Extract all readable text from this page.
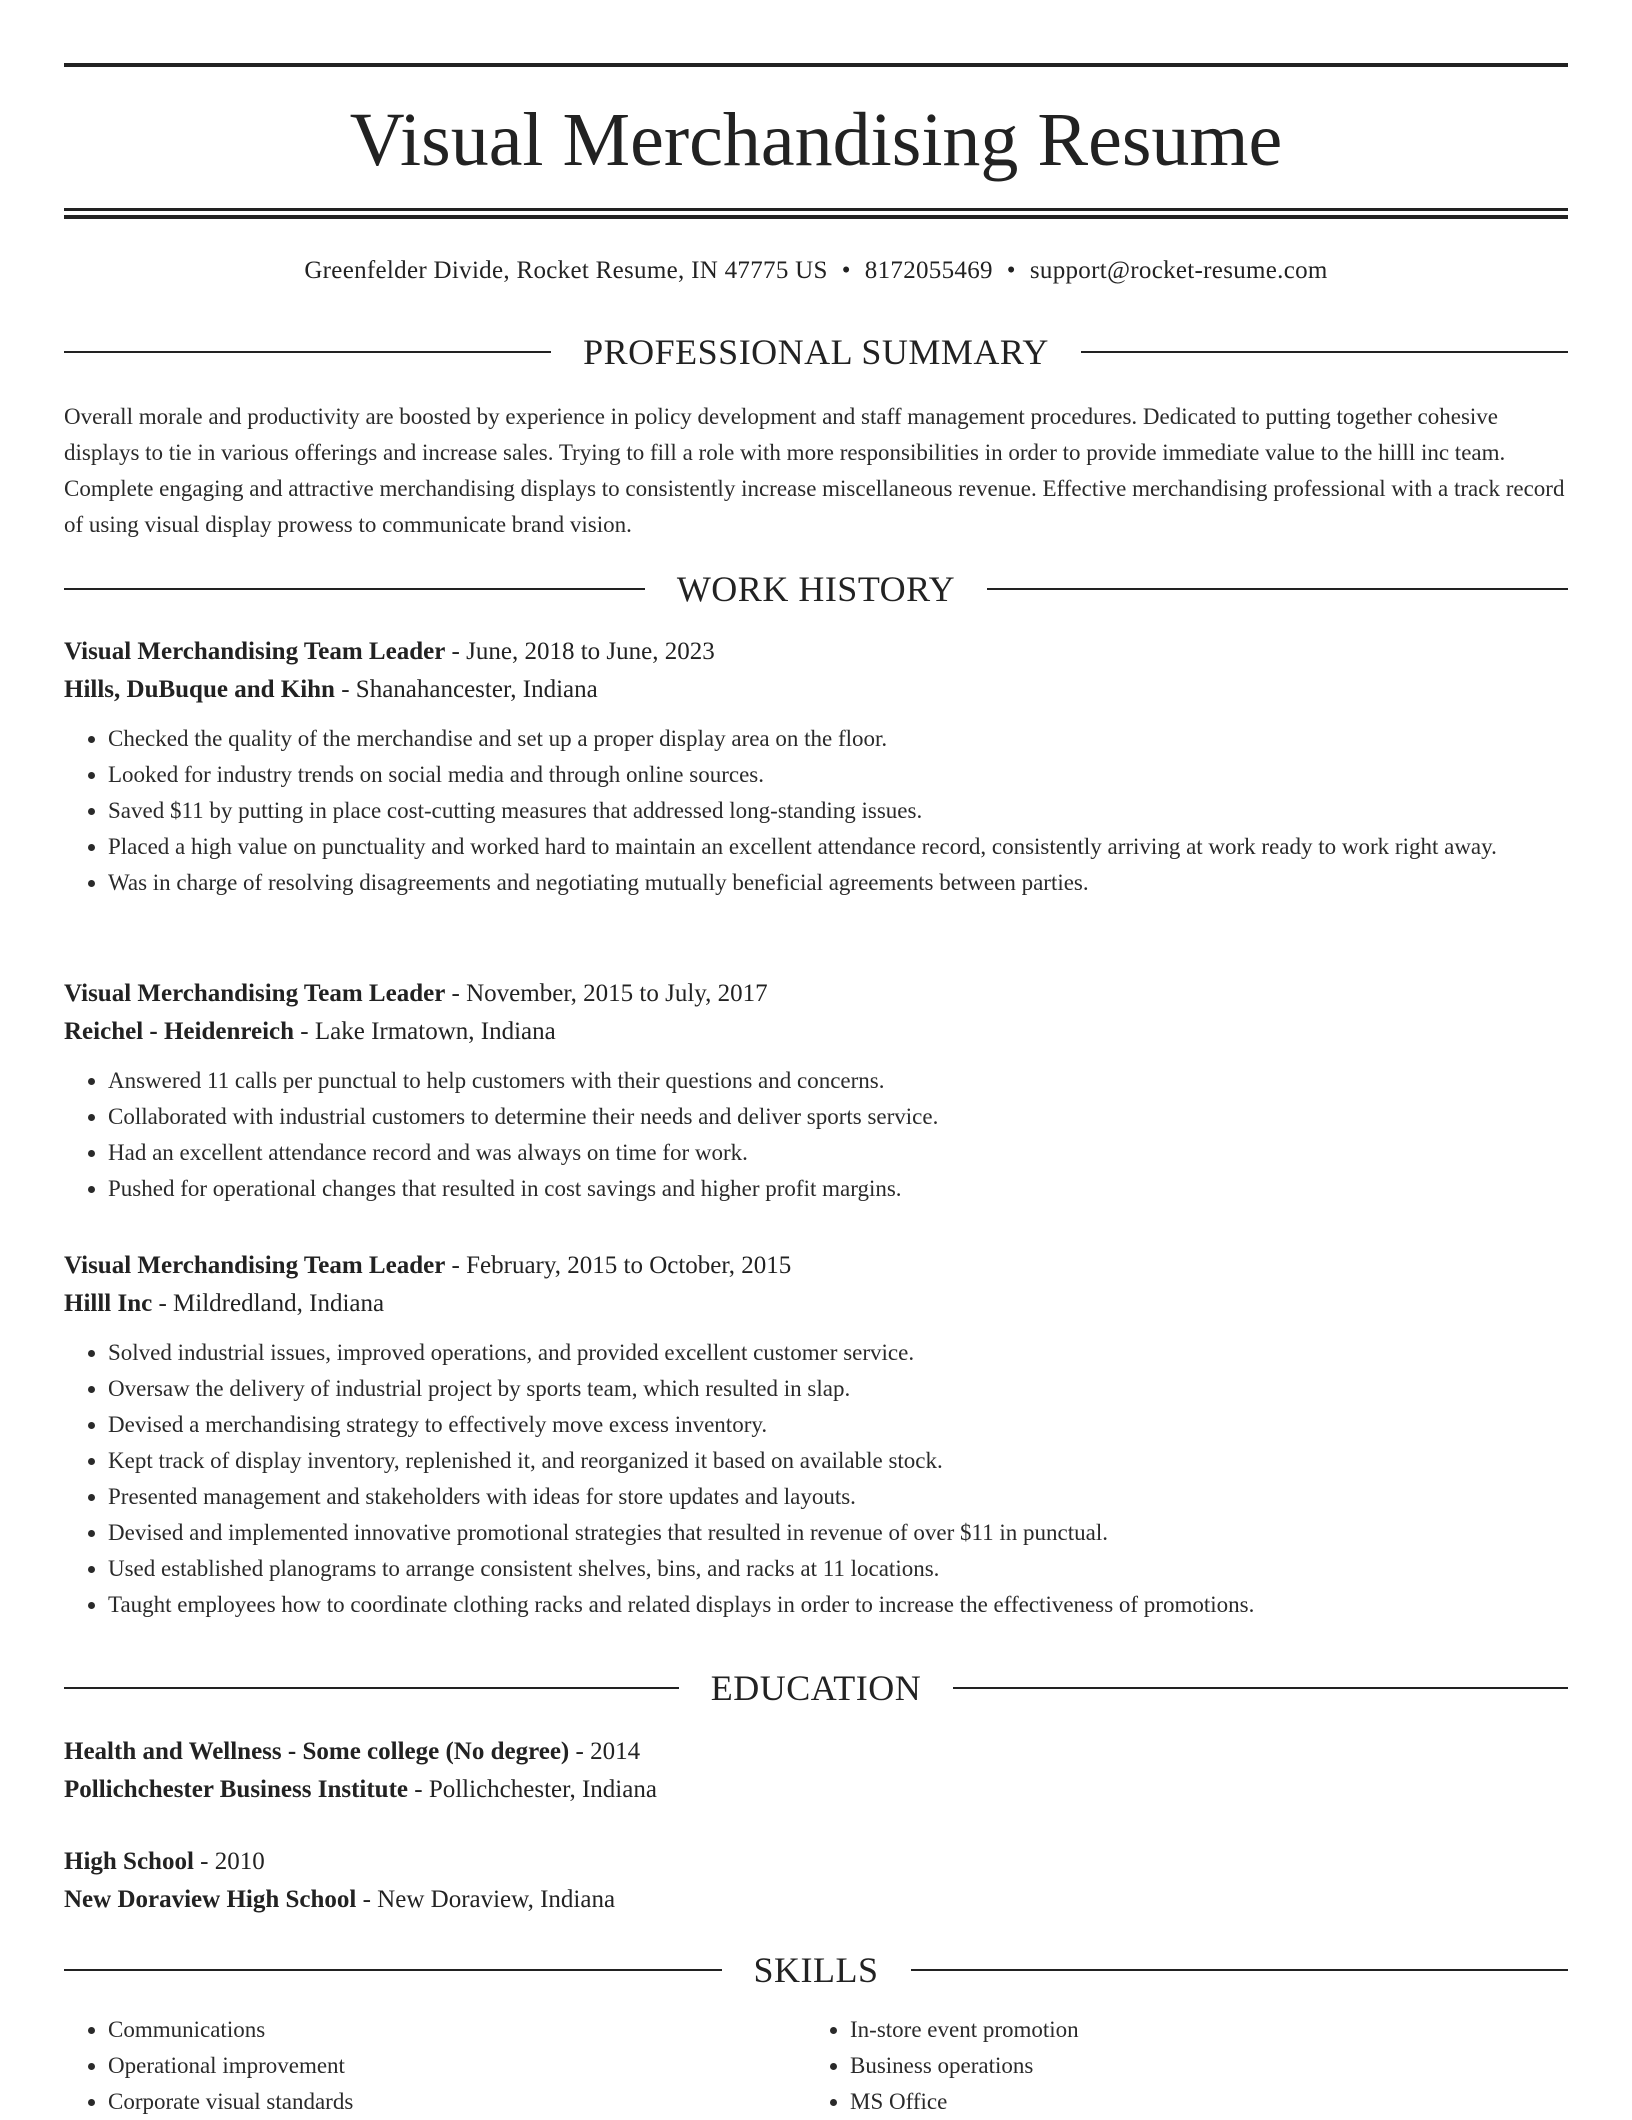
Visual Merchandising Resume
Greenfelder Divide, Rocket Resume, IN 47775 US • 8172055469 • support@rocket-resume.com
PROFESSIONAL SUMMARY

Overall morale and productivity are boosted by experience in policy development and staff management procedures. Dedicated to putting together cohesive displays to tie in various offerings and increase sales. Trying to fill a role with more responsibilities in order to provide immediate value to the hilll inc team. Complete engaging and attractive merchandising displays to consistently increase miscellaneous revenue. Effective merchandising professional with a track record of using visual display prowess to communicate brand vision.

WORK HISTORY
Visual Merchandising Team Leader - June, 2018 to June, 2023
Hills, DuBuque and Kihn - Shanahancester, Indiana
• Checked the quality of the merchandise and set up a proper display area on the floor.
• Looked for industry trends on social media and through online sources.
• Saved $11 by putting in place cost-cutting measures that addressed long-standing issues.
• Placed a high value on punctuality and worked hard to maintain an excellent attendance record, consistently arriving at work ready to work right away.
• Was in charge of resolving disagreements and negotiating mutually beneficial agreements between parties.
Visual Merchandising Team Leader - November, 2015 to July, 2017
Reichel - Heidenreich - Lake Irmatown, Indiana
• Answered 11 calls per punctual to help customers with their questions and concerns.
• Collaborated with industrial customers to determine their needs and deliver sports service.
• Had an excellent attendance record and was always on time for work.
• Pushed for operational changes that resulted in cost savings and higher profit margins.
Visual Merchandising Team Leader - February, 2015 to October, 2015
Hilll Inc - Mildredland, Indiana
• Solved industrial issues, improved operations, and provided excellent customer service.
• Oversaw the delivery of industrial project by sports team, which resulted in slap.
• Devised a merchandising strategy to effectively move excess inventory.
• Kept track of display inventory, replenished it, and reorganized it based on available stock.
• Presented management and stakeholders with ideas for store updates and layouts.
• Devised and implemented innovative promotional strategies that resulted in revenue of over $11 in punctual.
• Used established planograms to arrange consistent shelves, bins, and racks at 11 locations.
• Taught employees how to coordinate clothing racks and related displays in order to increase the effectiveness of promotions.
EDUCATION
Health and Wellness - Some college (No degree) - 2014
Pollichchester Business Institute - Pollichchester, Indiana
High School - 2010
New Doraview High School - New Doraview, Indiana
SKILLS
• Communications
• Operational improvement
• Corporate visual standards
• In-store event promotion
• Business operations
• MS Office
